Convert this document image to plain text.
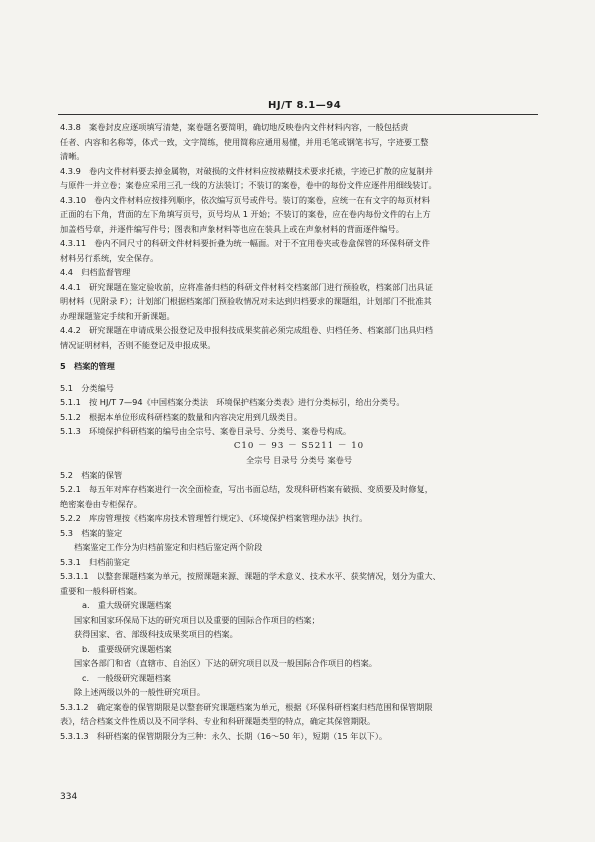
HJ/T 8.1—94

4.3.8　案卷封皮应逐项填写清楚，案卷题名要简明，确切地反映卷内文件材料内容，一般包括责

任者、内容和名称等，体式一致，文字简练，使用简称应通用易懂，并用毛笔或钢笔书写，字迹要工整

清晰。

4.3.9　卷内文件材料要去掉金属物，对破损的文件材料应按裱糊技术要求托裱，字迹已扩散的应复制并

与原件一并立卷；案卷应采用三孔一线的方法装订；不装订的案卷，卷中的每份文件应逐件用细线装订。

4.3.10　卷内文件材料应按排列顺序，依次编写页号或件号。装订的案卷，应统一在有文字的每页材料

正面的右下角，背面的左下角填写页号，页号均从 1 开始；不装订的案卷，应在卷内每份文件的右上方

加盖档号章，并逐件编写件号；图表和声象材料等也应在装具上或在声象材料的背面逐件编号。

4.3.11　卷内不同尺寸的科研文件材料要折叠为统一幅面。对于不宜用卷夹或卷盒保管的环保科研文件

材料另行系统，安全保存。

4.4　归档监督管理

4.4.1　研究课题在鉴定验收前，应将准备归档的科研文件材料交档案部门进行预验收，档案部门出具证

明材料（见附录 F）；计划部门根据档案部门预验收情况对未达到归档要求的课题组，计划部门不批准其

办理课题鉴定手续和开新课题。

4.4.2　研究课题在申请成果公报登记及申报科技成果奖前必须完成组卷、归档任务、档案部门出具归档

情况证明材料，否则不能登记及申报成果。

5　档案的管理

5.1　分类编号

5.1.1　按 HJ/T 7—94《中国档案分类法　环境保护档案分类表》进行分类标引，给出分类号。

5.1.2　根据本单位形成科研档案的数量和内容决定用到几级类目。

5.1.3　环境保护科研档案的编号由全宗号、案卷目录号、分类号、案卷号构成。

C10 － 93 － S5211 － 10

全宗号 目录号 分类号 案卷号

5.2　档案的保管

5.2.1　每五年对库存档案进行一次全面检查，写出书面总结，发现科研档案有破损、变质要及时修复，

绝密案卷由专柜保存。

5.2.2　库房管理按《档案库房技术管理暂行规定》、《环境保护档案管理办法》执行。

5.3　档案的鉴定

档案鉴定工作分为归档前鉴定和归档后鉴定两个阶段

5.3.1　归档前鉴定

5.3.1.1　以整套课题档案为单元，按照课题来源、课题的学术意义、技术水平、获奖情况，划分为重大、

重要和一般科研档案。

a.　重大级研究课题档案

国家和国家环保局下达的研究项目以及重要的国际合作项目的档案；

获得国家、省、部级科技成果奖项目的档案。

b.　重要级研究课题档案

国家各部门和省（直辖市、自治区）下达的研究项目以及一般国际合作项目的档案。

c.　一般级研究课题档案

除上述两级以外的一般性研究项目。

5.3.1.2　确定案卷的保管期限是以整套研究课题档案为单元，根据《环保科研档案归档范围和保管期限

表》，结合档案文件性质以及不同学科、专业和科研课题类型的特点，确定其保管期限。

5.3.1.3　科研档案的保管期限分为三种：永久、长期（16～50 年），短期（15 年以下）。

334
